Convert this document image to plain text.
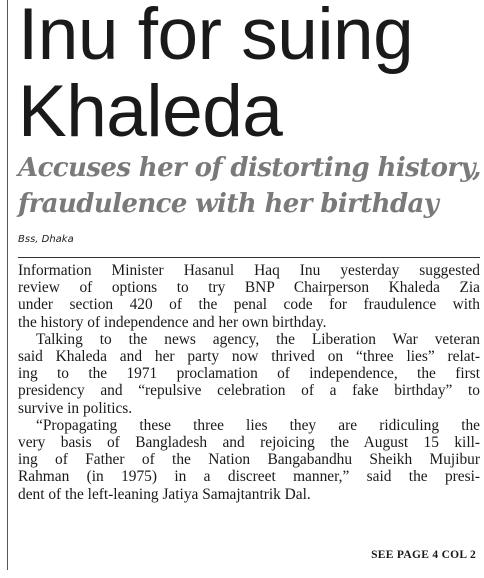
Inu for suing
Khaleda
Accuses her of distorting history,
fraudulence with her birthday
Bss, Dhaka
Information Minister Hasanul Haq Inu yesterday suggested
review of options to try BNP Chairperson Khaleda Zia
under section 420 of the penal code for fraudulence with
the history of independence and her own birthday.
Talking to the news agency, the Liberation War veteran
said Khaleda and her party now thrived on “three lies” relat-
ing to the 1971 proclamation of independence, the first
presidency and “repulsive celebration of a fake birthday” to
survive in politics.
“Propagating these three lies they are ridiculing the
very basis of Bangladesh and rejoicing the August 15 kill-
ing of Father of the Nation Bangabandhu Sheikh Mujibur
Rahman (in 1975) in a discreet manner,” said the presi-
dent of the left-leaning Jatiya Samajtantrik Dal.
SEE PAGE 4 COL 2
